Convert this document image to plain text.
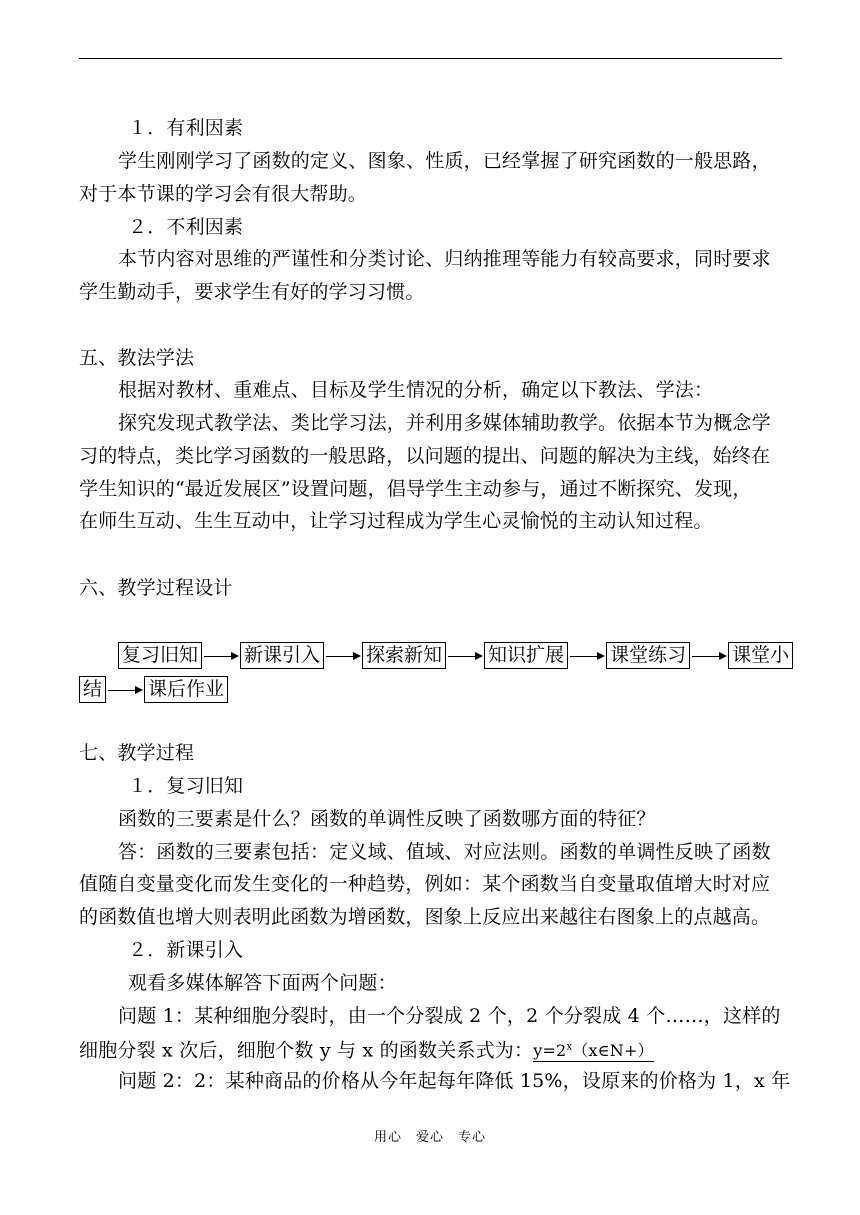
１．有利因素
学生刚刚学习了函数的定义、图象、性质，已经掌握了研究函数的一般思路，
对于本节课的学习会有很大帮助。
２．不利因素
本节内容对思维的严谨性和分类讨论、归纳推理等能力有较高要求，同时要求
学生勤动手，要求学生有好的学习习惯。
五、教法学法
根据对教材、重难点、目标及学生情况的分析，确定以下教法、学法：
探究发现式教学法、类比学习法，并利用多媒体辅助教学。依据本节为概念学
习的特点，类比学习函数的一般思路，以问题的提出、问题的解决为主线，始终在
学生知识的“最近发展区”设置问题，倡导学生主动参与，通过不断探究、发现，
在师生互动、生生互动中，让学习过程成为学生心灵愉悦的主动认知过程。
六、教学过程设计
复习旧知 新课引入 探索新知 知识扩展 课堂练习 课堂小
结 课后作业
七、教学过程
１．复习旧知
函数的三要素是什么？函数的单调性反映了函数哪方面的特征？
答：函数的三要素包括：定义域、值域、对应法则。函数的单调性反映了函数
值随自变量变化而发生变化的一种趋势，例如：某个函数当自变量取值增大时对应
的函数值也增大则表明此函数为增函数，图象上反应出来越往右图象上的点越高。
２．新课引入
观看多媒体解答下面两个问题：
问题 1：某种细胞分裂时，由一个分裂成 2 个，2 个分裂成 4 个……，这样的
细胞分裂 x 次后，细胞个数 y 与 x 的函数关系式为：$y=2^x(x\in N+)$
问题 2：2：某种商品的价格从今年起每年降低 15%，设原来的价格为 1，x 年
用心　爱心　专心
